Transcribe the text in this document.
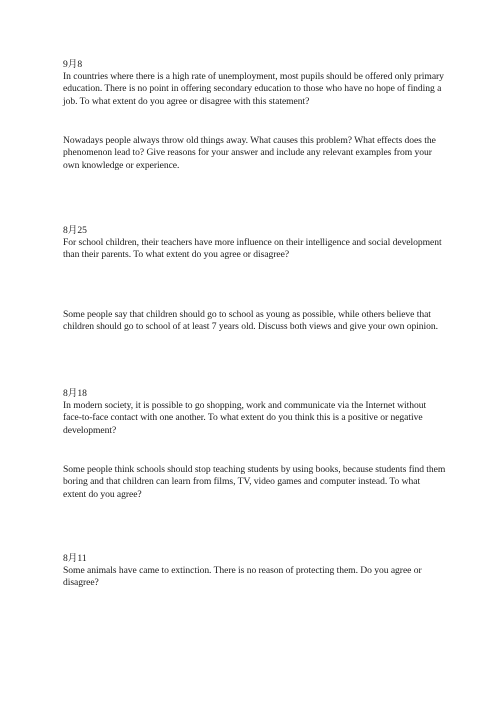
9月8

In countries where there is a high rate of unemployment, most pupils should be offered only primary
education. There is no point in offering secondary education to those who have no hope of finding a
job. To what extent do you agree or disagree with this statement?

Nowadays people always throw old things away. What causes this problem? What effects does the
phenomenon lead to? Give reasons for your answer and include any relevant examples from your
own knowledge or experience.

8月25

For school children, their teachers have more influence on their intelligence and social development
than their parents. To what extent do you agree or disagree?

Some people say that children should go to school as young as possible, while others believe that
children should go to school of at least 7 years old. Discuss both views and give your own opinion.

8月18

In modern society, it is possible to go shopping, work and communicate via the Internet without
face-to-face contact with one another. To what extent do you think this is a positive or negative
development?

Some people think schools should stop teaching students by using books, because students find them
boring and that children can learn from films, TV, video games and computer instead. To what
extent do you agree?

8月11

Some animals have came to extinction. There is no reason of protecting them. Do you agree or
disagree?
